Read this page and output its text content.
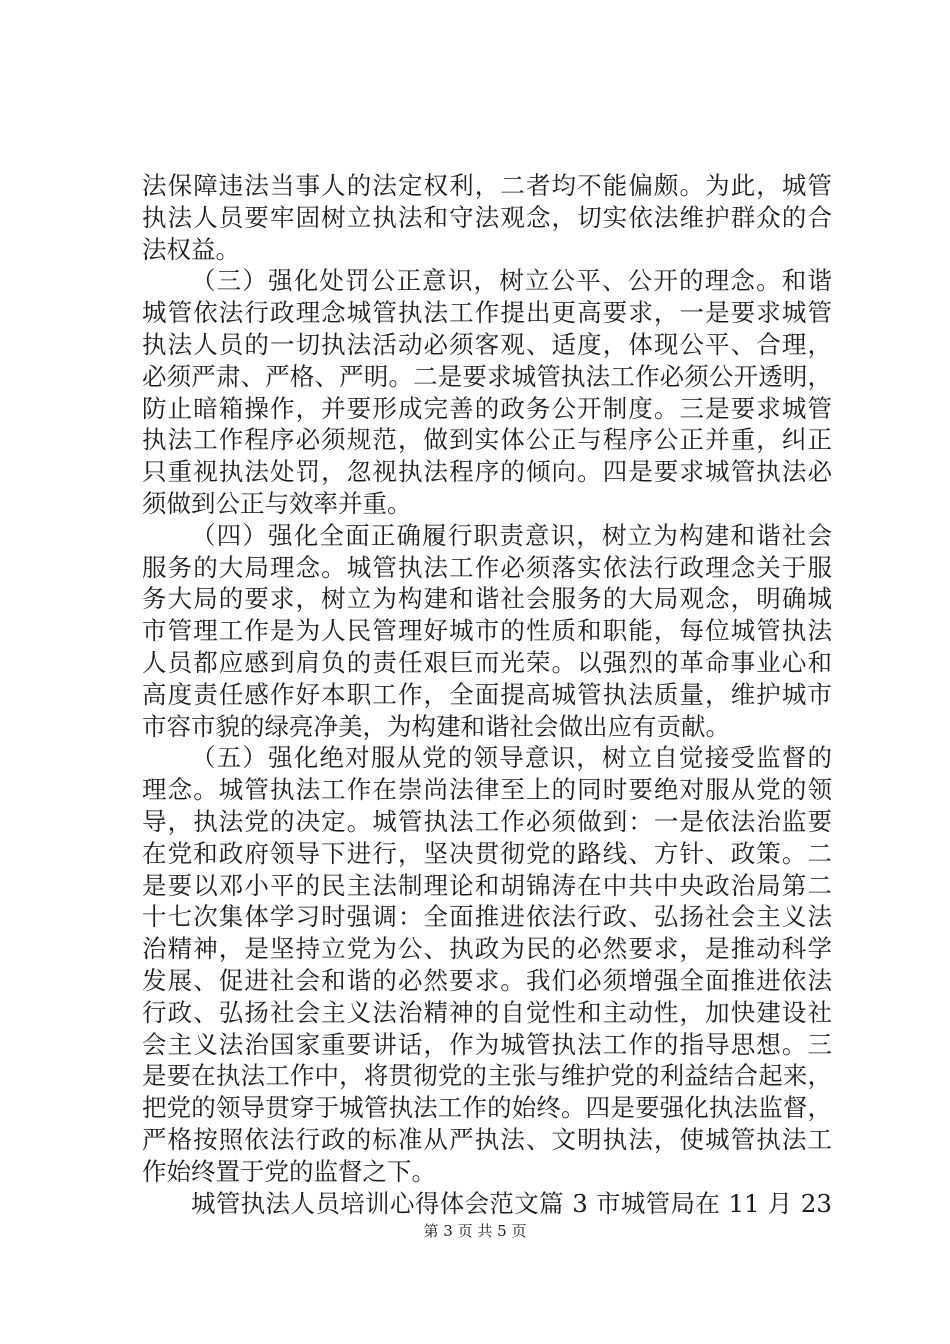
法保障违法当事人的法定权利，二者均不能偏颇。为此，城管
执法人员要牢固树立执法和守法观念，切实依法维护群众的合
法权益。
（三）强化处罚公正意识，树立公平、公开的理念。和谐
城管依法行政理念城管执法工作提出更高要求，一是要求城管
执法人员的一切执法活动必须客观、适度，体现公平、合理，
必须严肃、严格、严明。二是要求城管执法工作必须公开透明，
防止暗箱操作，并要形成完善的政务公开制度。三是要求城管
执法工作程序必须规范，做到实体公正与程序公正并重，纠正
只重视执法处罚，忽视执法程序的倾向。四是要求城管执法必
须做到公正与效率并重。
（四）强化全面正确履行职责意识，树立为构建和谐社会
服务的大局理念。城管执法工作必须落实依法行政理念关于服
务大局的要求，树立为构建和谐社会服务的大局观念，明确城
市管理工作是为人民管理好城市的性质和职能，每位城管执法
人员都应感到肩负的责任艰巨而光荣。以强烈的革命事业心和
高度责任感作好本职工作，全面提高城管执法质量，维护城市
市容市貌的绿亮净美，为构建和谐社会做出应有贡献。
（五）强化绝对服从党的领导意识，树立自觉接受监督的
理念。城管执法工作在崇尚法律至上的同时要绝对服从党的领
导，执法党的决定。城管执法工作必须做到：一是依法治监要
在党和政府领导下进行，坚决贯彻党的路线、方针、政策。二
是要以邓小平的民主法制理论和胡锦涛在中共中央政治局第二
十七次集体学习时强调：全面推进依法行政、弘扬社会主义法
治精神，是坚持立党为公、执政为民的必然要求，是推动科学
发展、促进社会和谐的必然要求。我们必须增强全面推进依法
行政、弘扬社会主义法治精神的自觉性和主动性，加快建设社
会主义法治国家重要讲话，作为城管执法工作的指导思想。三
是要在执法工作中，将贯彻党的主张与维护党的利益结合起来，
把党的领导贯穿于城管执法工作的始终。四是要强化执法监督，
严格按照依法行政的标准从严执法、文明执法，使城管执法工
作始终置于党的监督之下。
城管执法人员培训心得体会范文篇 3 市城管局在 11 月 23
第 3 页 共 5 页
